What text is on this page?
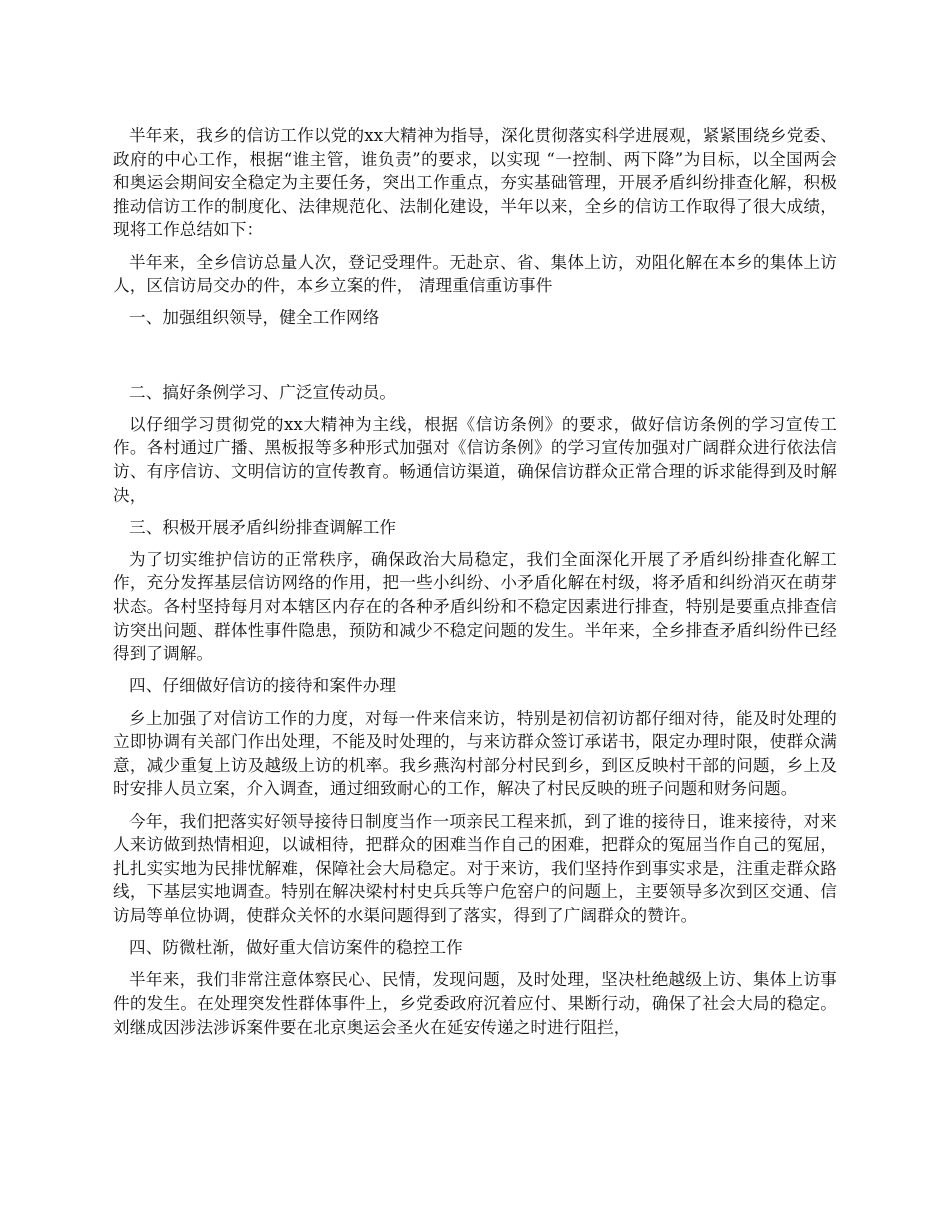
半年来，我乡的信访工作以党的xx大精神为指导，深化贯彻落实科学进展观，紧紧围绕乡党委、政府的中心工作，根据“谁主管，谁负责”的要求，以实现 “一控制、两下降”为目标，以全国两会和奥运会期间安全稳定为主要任务，突出工作重点，夯实基础管理，开展矛盾纠纷排查化解，积极推动信访工作的制度化、法律规范化、法制化建设，半年以来，全乡的信访工作取得了很大成绩，现将工作总结如下：

半年来，全乡信访总量人次，登记受理件。无赴京、省、集体上访，劝阻化解在本乡的集体上访 人，区信访局交办的件，本乡立案的件， 清理重信重访事件

一、加强组织领导，健全工作网络

二、搞好条例学习、广泛宣传动员。

以仔细学习贯彻党的xx大精神为主线，根据《信访条例》的要求，做好信访条例的学习宣传工作。各村通过广播、黑板报等多种形式加强对《信访条例》的学习宣传加强对广阔群众进行依法信访、有序信访、文明信访的宣传教育。畅通信访渠道，确保信访群众正常合理的诉求能得到及时解决，

三、积极开展矛盾纠纷排查调解工作

为了切实维护信访的正常秩序，确保政治大局稳定，我们全面深化开展了矛盾纠纷排查化解工作，充分发挥基层信访网络的作用，把一些小纠纷、小矛盾化解在村级，将矛盾和纠纷消灭在萌芽状态。各村坚持每月对本辖区内存在的各种矛盾纠纷和不稳定因素进行排查，特别是要重点排查信访突出问题、群体性事件隐患，预防和减少不稳定问题的发生。半年来，全乡排查矛盾纠纷件已经得到了调解。

四、仔细做好信访的接待和案件办理

乡上加强了对信访工作的力度，对每一件来信来访，特别是初信初访都仔细对待，能及时处理的立即协调有关部门作出处理，不能及时处理的，与来访群众签订承诺书，限定办理时限，使群众满意，减少重复上访及越级上访的机率。我乡燕沟村部分村民到乡，到区反映村干部的问题，乡上及时安排人员立案，介入调查，通过细致耐心的工作，解决了村民反映的班子问题和财务问题。

今年，我们把落实好领导接待日制度当作一项亲民工程来抓，到了谁的接待日，谁来接待，对来人来访做到热情相迎，以诚相待，把群众的困难当作自己的困难，把群众的冤屈当作自己的冤屈，扎扎实实地为民排忧解难，保障社会大局稳定。对于来访，我们坚持作到事实求是，注重走群众路线，下基层实地调查。特别在解决梁村村史兵兵等户危窑户的问题上，主要领导多次到区交通、信访局等单位协调，使群众关怀的水渠问题得到了落实，得到了广阔群众的赞许。

四、防微杜渐，做好重大信访案件的稳控工作

半年来，我们非常注意体察民心、民情，发现问题，及时处理，坚决杜绝越级上访、集体上访事件的发生。在处理突发性群体事件上，乡党委政府沉着应付、果断行动，确保了社会大局的稳定。刘继成因涉法涉诉案件要在北京奥运会圣火在延安传递之时进行阻拦，
